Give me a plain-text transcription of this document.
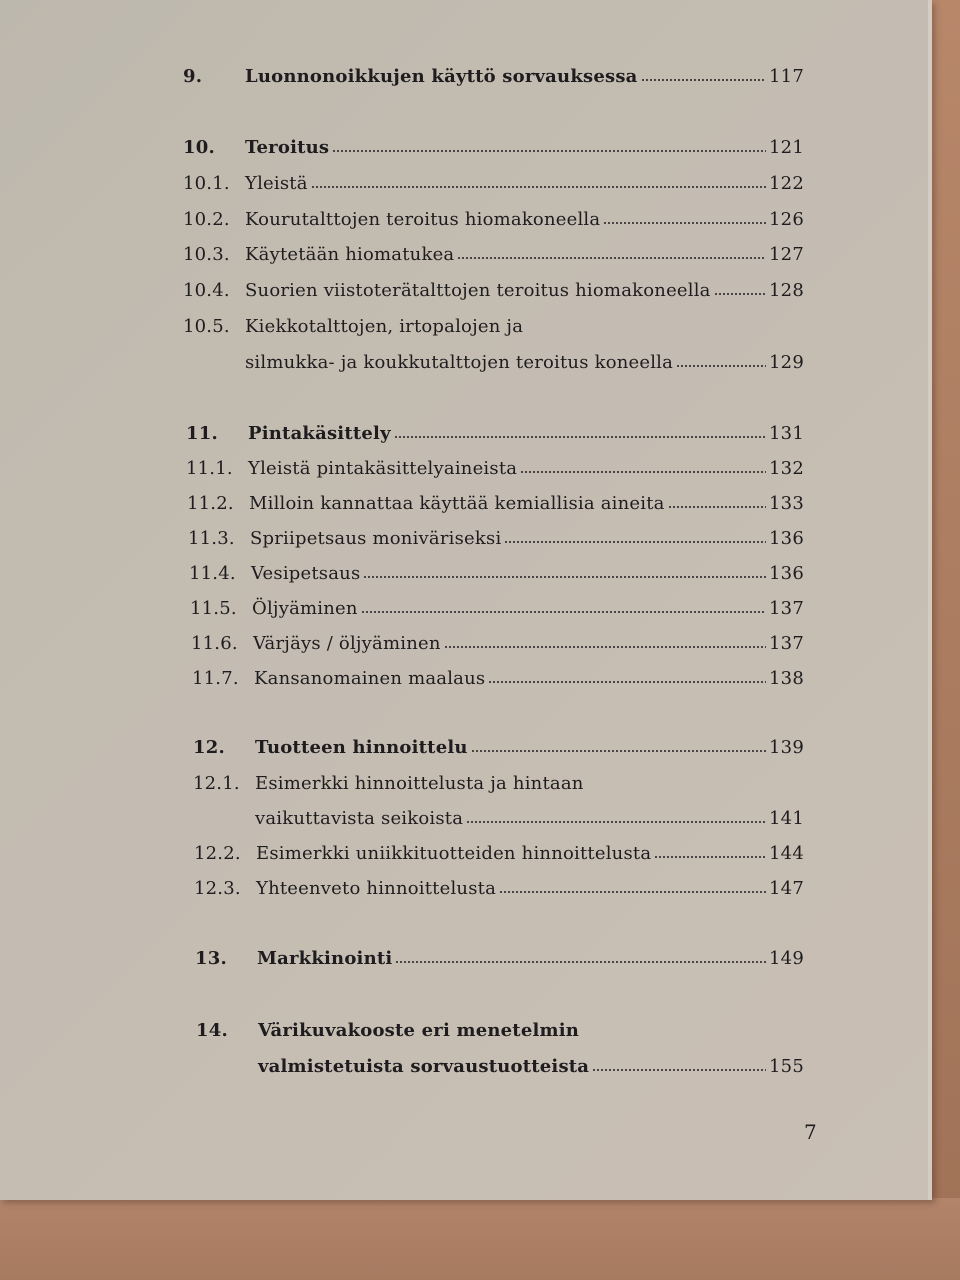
9.	Luonnonoikkujen käyttö sorvauksessa	117
10.	Teroitus	121
10.1. Yleistä	122
10.2. Kourutalttojen teroitus hiomakoneella	126
10.3. Käytetään hiomatukea	127
10.4. Suorien viistoterätalttojen teroitus hiomakoneella	128
10.5. Kiekkotalttojen, irtopalojen ja
silmukka- ja koukkutalttojen teroitus koneella	129
11.	Pintakäsittely	131
11.1. Yleistä pintakäsittelyaineista	132
11.2. Milloin kannattaa käyttää kemiallisia aineita	133
11.3. Spriipetsaus moniväriseksi	136
11.4. Vesipetsaus	136
11.5. Öljyäminen	137
11.6. Värjäys / öljyäminen	137
11.7. Kansanomainen maalaus	138
12.	Tuotteen hinnoittelu	139
12.1. Esimerkki hinnoittelusta ja hintaan
vaikuttavista seikoista	141
12.2. Esimerkki uniikkituotteiden hinnoittelusta	144
12.3. Yhteenveto hinnoittelusta	147
13.	Markkinointi	149
14.	Värikuvakooste eri menetelmin
valmistetuista sorvaustuotteista	155
7
